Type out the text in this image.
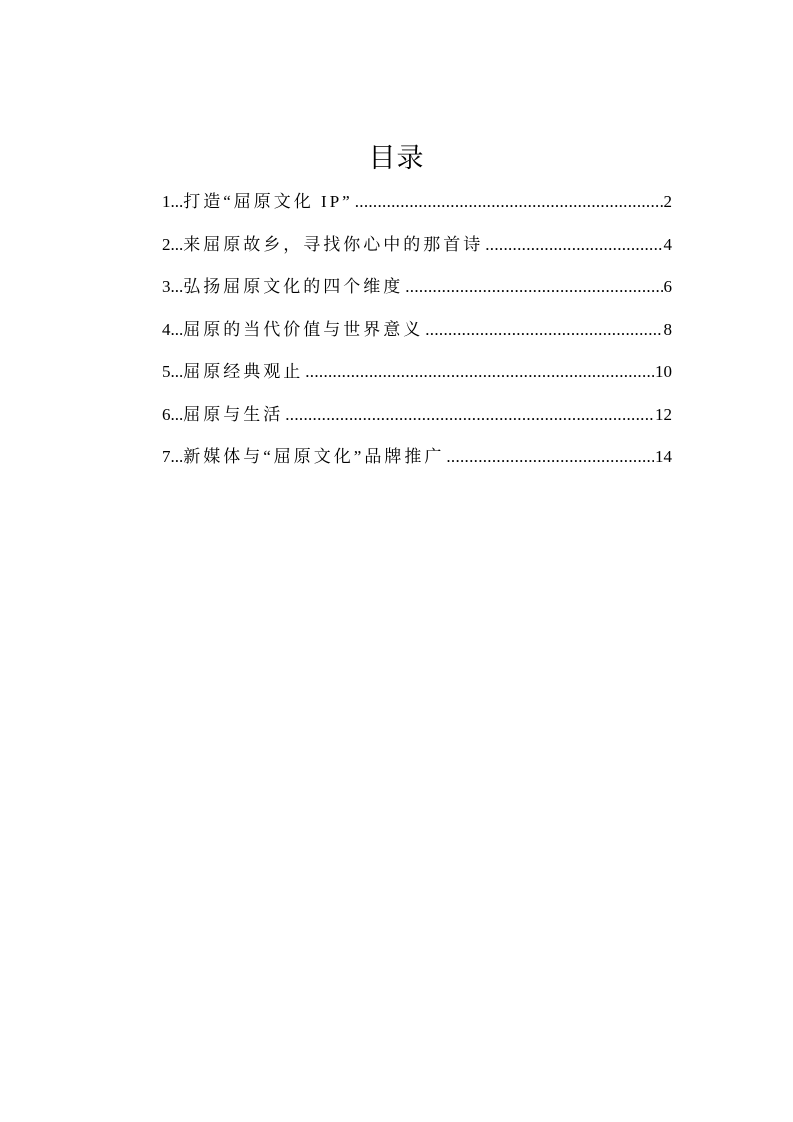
目录
1... 打造“屈原文化 IP” .....	2
2... 来屈原故乡，寻找你心中的那首诗 .....	4
3... 弘扬屈原文化的四个维度 .....	6
4... 屈原的当代价值与世界意义 .....	8
5... 屈原经典观止 .....	10
6... 屈原与生活 .....	12
7... 新媒体与“屈原文化”品牌推广 .....	14
